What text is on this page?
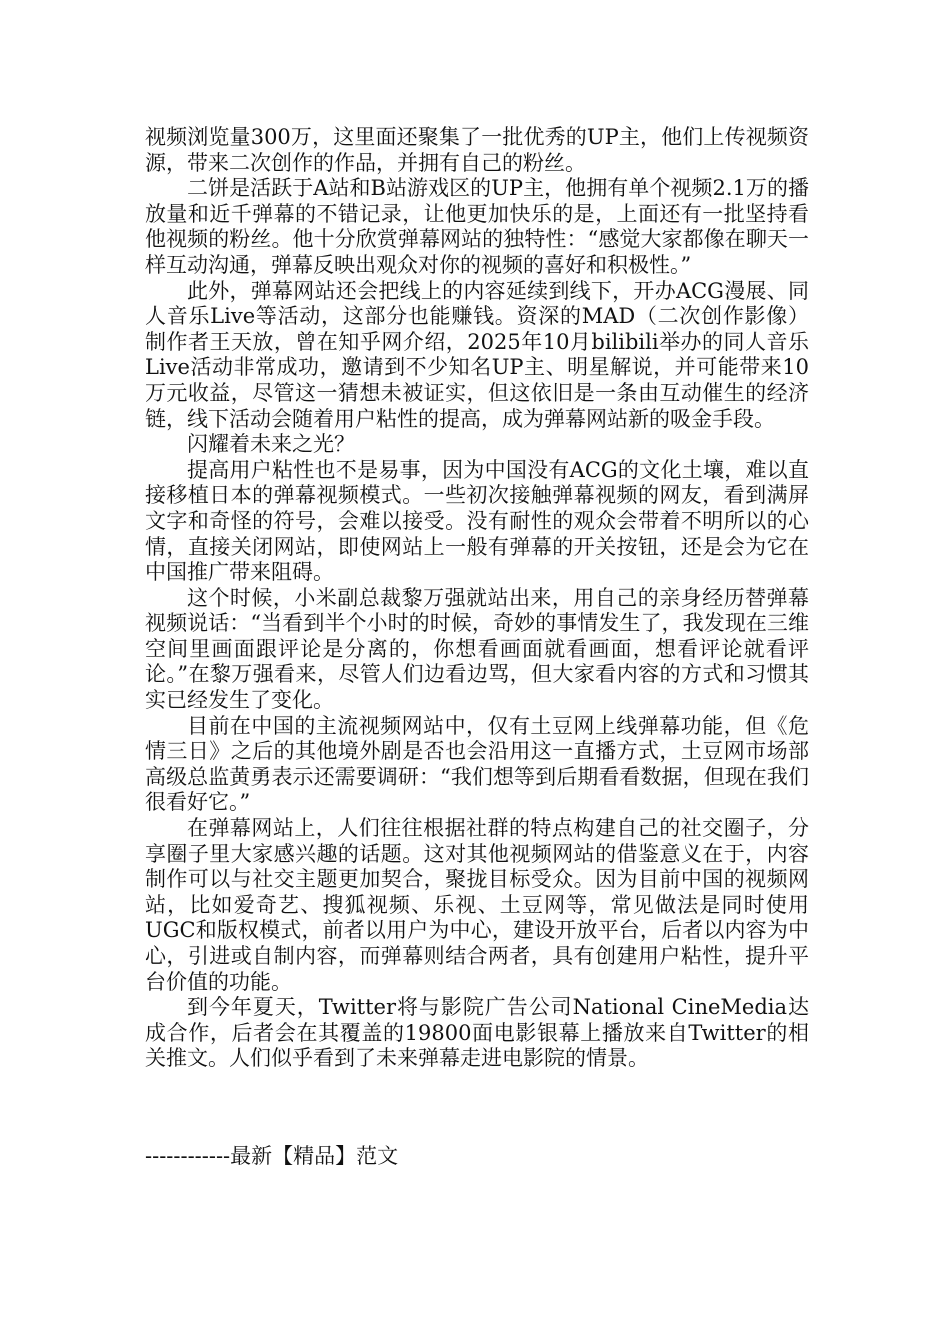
视频浏览量300万，这里面还聚集了一批优秀的UP主，他们上传视频资源，带来二次创作的作品，并拥有自己的粉丝。

二饼是活跃于A站和B站游戏区的UP主，他拥有单个视频2.1万的播放量和近千弹幕的不错记录，让他更加快乐的是，上面还有一批坚持看他视频的粉丝。他十分欣赏弹幕网站的独特性：“感觉大家都像在聊天一样互动沟通，弹幕反映出观众对你的视频的喜好和积极性。”

此外，弹幕网站还会把线上的内容延续到线下，开办ACG漫展、同人音乐Live等活动，这部分也能赚钱。资深的MAD（二次创作影像）制作者王天放，曾在知乎网介绍，2025年10月bilibili举办的同人音乐Live活动非常成功，邀请到不少知名UP主、明星解说，并可能带来10万元收益，尽管这一猜想未被证实，但这依旧是一条由互动催生的经济链，线下活动会随着用户粘性的提高，成为弹幕网站新的吸金手段。

闪耀着未来之光？

提高用户粘性也不是易事，因为中国没有ACG的文化土壤，难以直接移植日本的弹幕视频模式。一些初次接触弹幕视频的网友，看到满屏文字和奇怪的符号，会难以接受。没有耐性的观众会带着不明所以的心情，直接关闭网站，即使网站上一般有弹幕的开关按钮，还是会为它在中国推广带来阻碍。

这个时候，小米副总裁黎万强就站出来，用自己的亲身经历替弹幕视频说话：“当看到半个小时的时候，奇妙的事情发生了，我发现在三维空间里画面跟评论是分离的，你想看画面就看画面，想看评论就看评论。”在黎万强看来，尽管人们边看边骂，但大家看内容的方式和习惯其实已经发生了变化。

目前在中国的主流视频网站中，仅有土豆网上线弹幕功能，但《危情三日》之后的其他境外剧是否也会沿用这一直播方式，土豆网市场部高级总监黄勇表示还需要调研：“我们想等到后期看看数据，但现在我们很看好它。”

在弹幕网站上，人们往往根据社群的特点构建自己的社交圈子，分享圈子里大家感兴趣的话题。这对其他视频网站的借鉴意义在于，内容制作可以与社交主题更加契合，聚拢目标受众。因为目前中国的视频网站，比如爱奇艺、搜狐视频、乐视、土豆网等，常见做法是同时使用UGC和版权模式，前者以用户为中心，建设开放平台，后者以内容为中心，引进或自制内容，而弹幕则结合两者，具有创建用户粘性，提升平台价值的功能。

到今年夏天，Twitter将与影院广告公司National CineMedia达成合作，后者会在其覆盖的19800面电影银幕上播放来自Twitter的相关推文。人们似乎看到了未来弹幕走进电影院的情景。

------------最新【精品】范文
